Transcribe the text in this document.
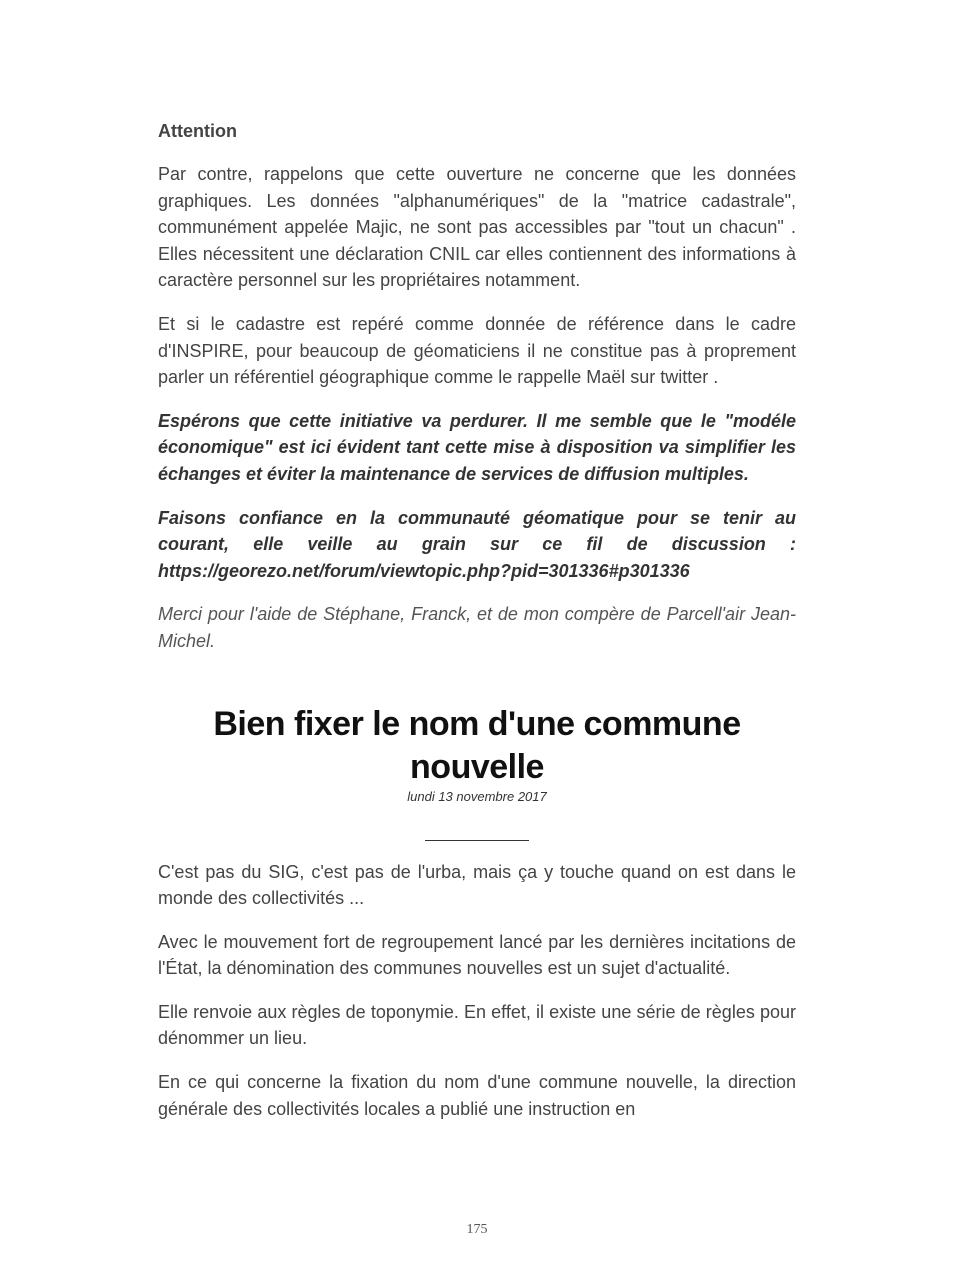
Attention

Par contre, rappelons que cette ouverture ne concerne que les données graphiques. Les données "alphanumériques" de la "matrice cadastrale", communément appelée Majic, ne sont pas accessibles par "tout un chacun" . Elles nécessitent une déclaration CNIL car elles contiennent des informations à caractère personnel sur les propriétaires notamment.

Et si le cadastre est repéré comme donnée de référence dans le cadre d'INSPIRE, pour beaucoup de géomaticiens il ne constitue pas à proprement parler un référentiel géographique comme le rappelle Maël sur twitter .

Espérons que cette initiative va perdurer. Il me semble que le "modéle économique" est ici évident tant cette mise à disposition va simplifier les échanges et éviter la maintenance de services de diffusion multiples.

Faisons confiance en la communauté géomatique pour se tenir au courant, elle veille au grain sur ce fil de discussion : https://georezo.net/forum/viewtopic.php?pid=301336#p301336

Merci pour l'aide de Stéphane, Franck, et de mon compère de Parcell'air Jean-Michel.

Bien fixer le nom d'une commune nouvelle
lundi 13 novembre 2017

C'est pas du SIG, c'est pas de l'urba, mais ça y touche quand on est dans le monde des collectivités ...

Avec le mouvement fort de regroupement lancé par les dernières incitations de l'État, la dénomination des communes nouvelles est un sujet d'actualité.

Elle renvoie aux règles de toponymie. En effet, il existe une série de règles pour dénommer un lieu.

En ce qui concerne la fixation du nom d'une commune nouvelle, la direction générale des collectivités locales a publié une instruction en

175
